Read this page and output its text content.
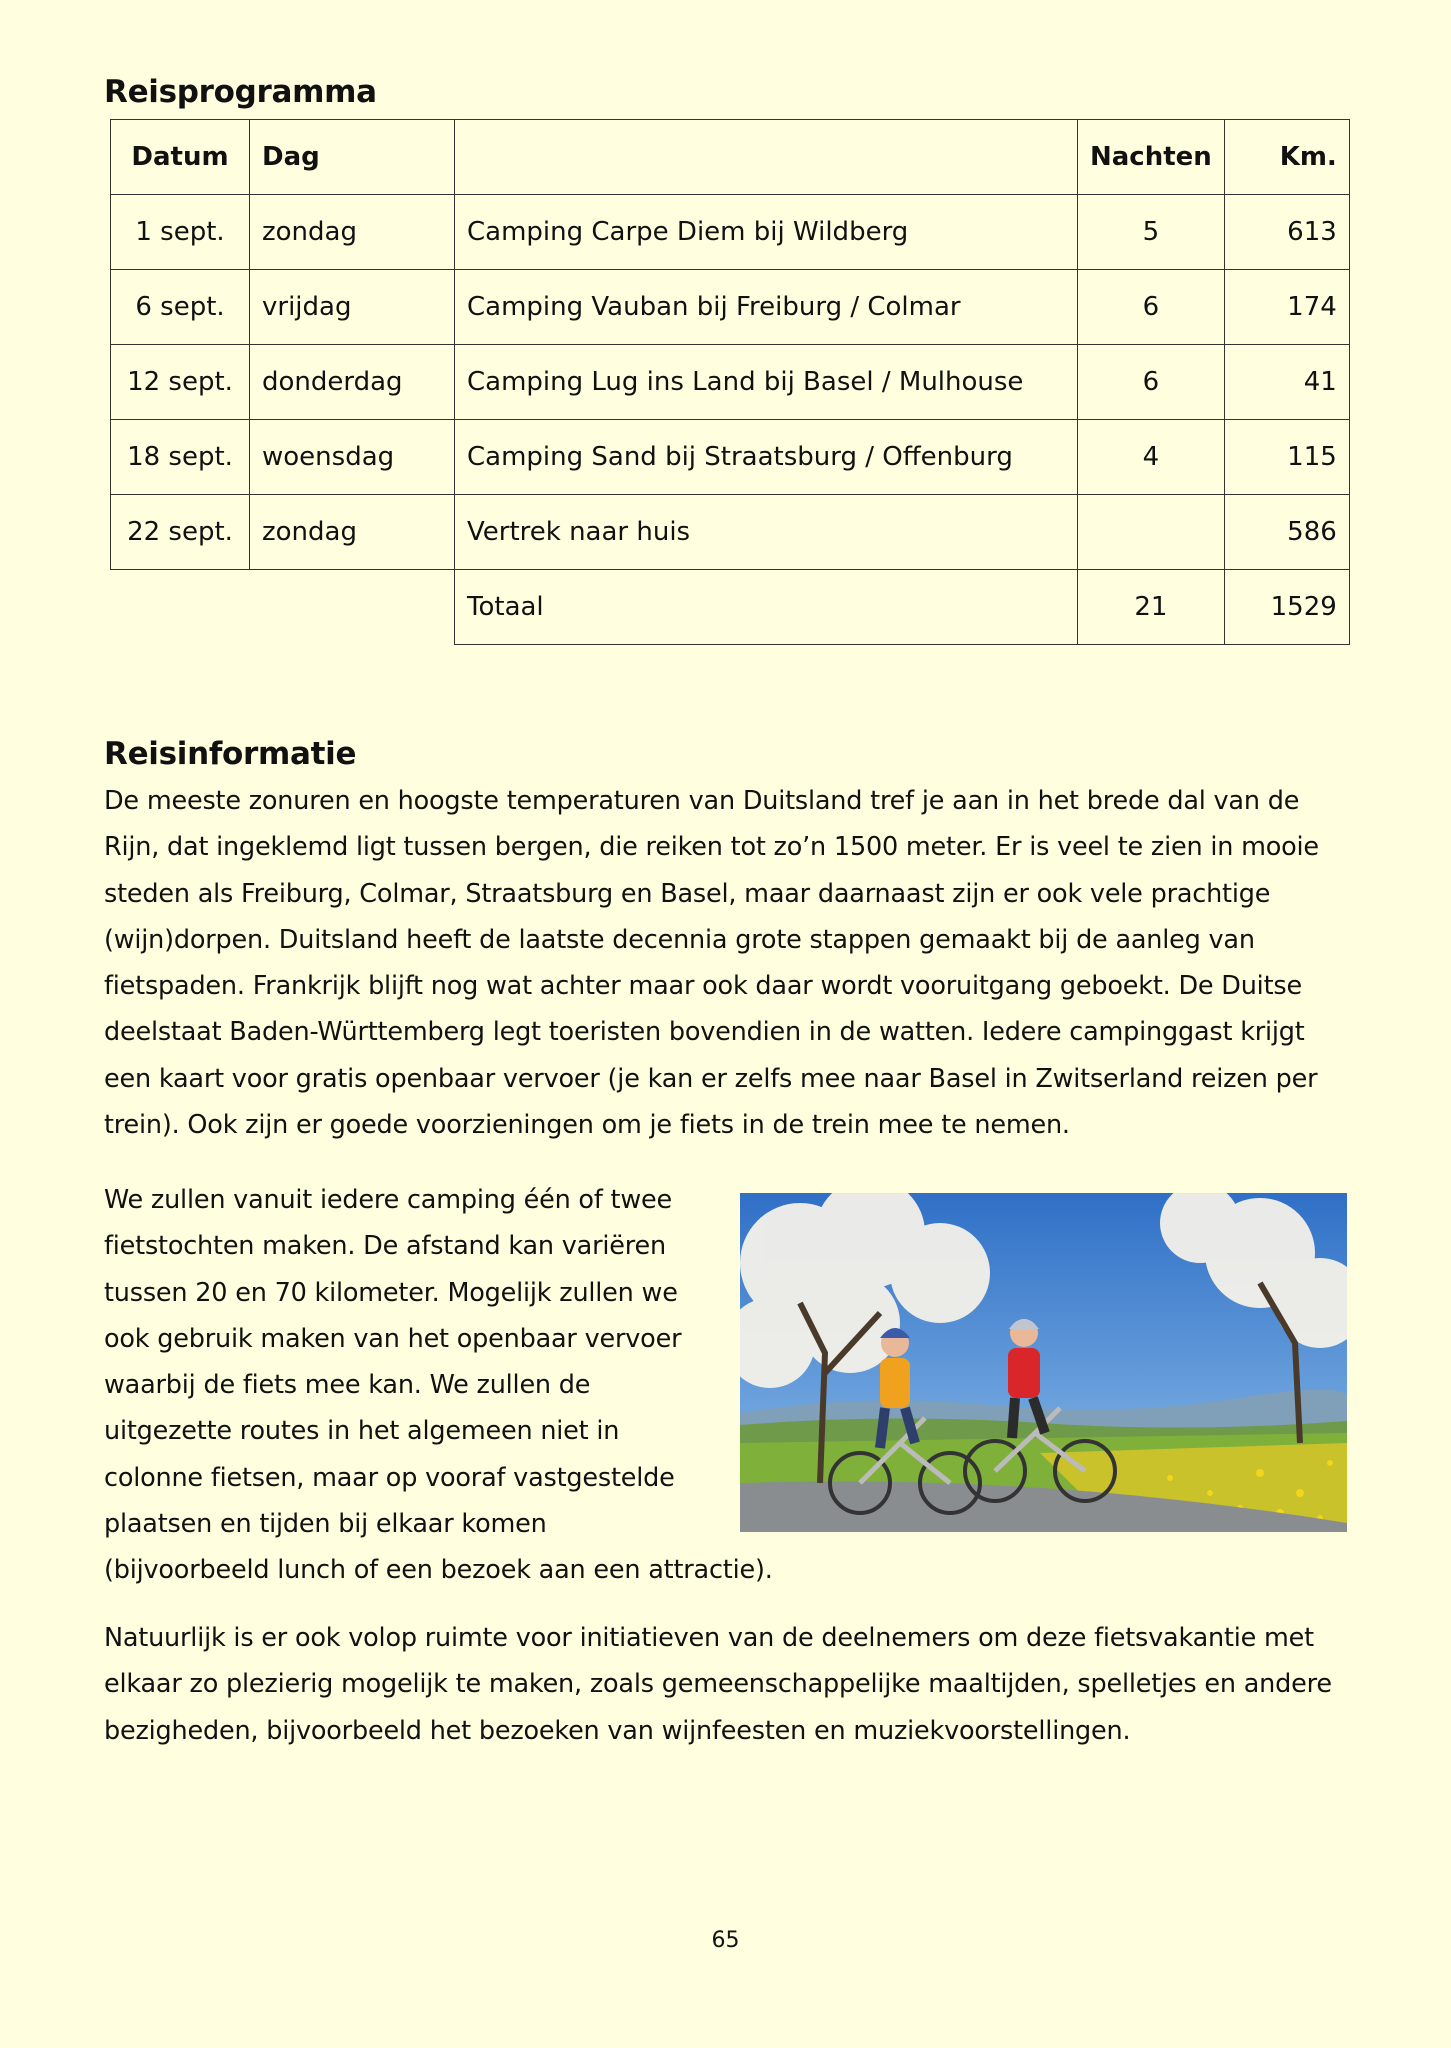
Reisprogramma
Datum	Dag		Nachten	Km.
1 sept.	zondag	Camping Carpe Diem bij Wildberg	5	613
6 sept.	vrijdag	Camping Vauban bij Freiburg / Colmar	6	174
12 sept.	donderdag	Camping Lug ins Land bij Basel / Mulhouse	6	41
18 sept.	woensdag	Camping Sand bij Straatsburg / Offenburg	4	115
22 sept.	zondag	Vertrek naar huis		586
		Totaal	21	1529
Reisinformatie

De meeste zonuren en hoogste temperaturen van Duitsland tref je aan in het brede dal van de Rijn, dat ingeklemd ligt tussen bergen, die reiken tot zo’n 1500 meter. Er is veel te zien in mooie steden als Freiburg, Colmar, Straatsburg en Basel, maar daarnaast zijn er ook vele prachtige (wijn)dorpen. Duitsland heeft de laatste decennia grote stappen gemaakt bij de aanleg van fietspaden. Frankrijk blijft nog wat achter maar ook daar wordt vooruitgang geboekt. De Duitse deelstaat Baden-Württemberg legt toeristen bovendien in de watten. Iedere campinggast krijgt een kaart voor gratis openbaar vervoer (je kan er zelfs mee naar Basel in Zwitserland reizen per trein). Ook zijn er goede voorzieningen om je fiets in de trein mee te nemen.

We zullen vanuit iedere camping één of twee
fietstochten maken. De afstand kan variëren
tussen 20 en 70 kilometer. Mogelijk zullen we
ook gebruik maken van het openbaar vervoer
waarbij de fiets mee kan. We zullen de
uitgezette routes in het algemeen niet in
colonne fietsen, maar op vooraf vastgestelde
plaatsen en tijden bij elkaar komen
(bijvoorbeeld lunch of een bezoek aan een attractie).

Natuurlijk is er ook volop ruimte voor initiatieven van de deelnemers om deze fietsvakantie met elkaar zo plezierig mogelijk te maken, zoals gemeenschappelijke maaltijden, spelletjes en andere bezigheden, bijvoorbeeld het bezoeken van wijnfeesten en muziekvoorstellingen.

65
